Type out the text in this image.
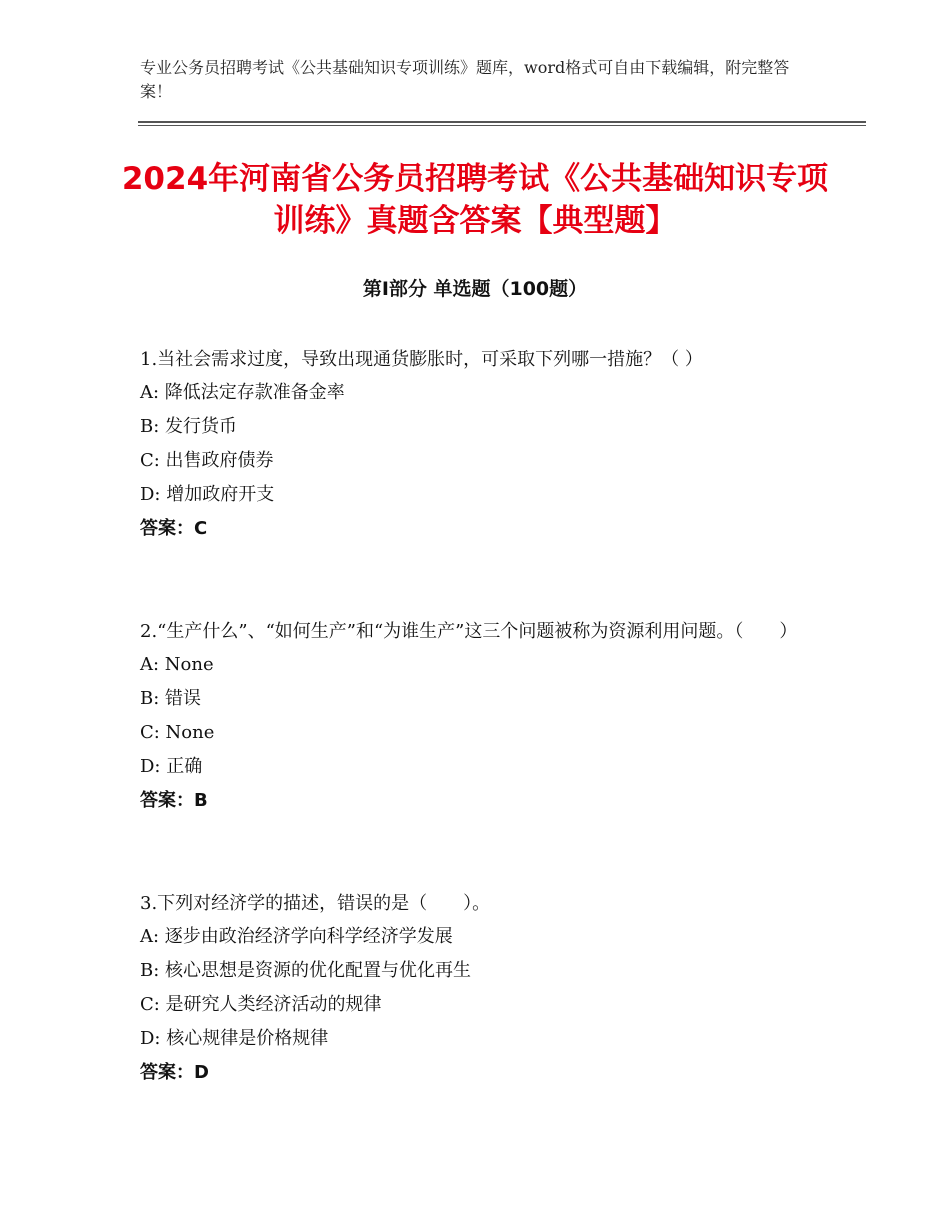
专业公务员招聘考试《公共基础知识专项训练》题库，word格式可自由下载编辑，附完整答案！
2024年河南省公务员招聘考试《公共基础知识专项训练》真题含答案【典型题】
第Ⅰ部分 单选题（100题）

1.当社会需求过度，导致出现通货膨胀时，可采取下列哪一措施？（ ）

A: 降低法定存款准备金率

B: 发行货币

C: 出售政府债券

D: 增加政府开支

答案：C

2.“生产什么”、“如何生产”和“为谁生产”这三个问题被称为资源利用问题。（　　）

A: None

B: 错误

C: None

D: 正确

答案：B

3.下列对经济学的描述，错误的是（　　）。

A: 逐步由政治经济学向科学经济学发展

B: 核心思想是资源的优化配置与优化再生

C: 是研究人类经济活动的规律

D: 核心规律是价格规律

答案：D
